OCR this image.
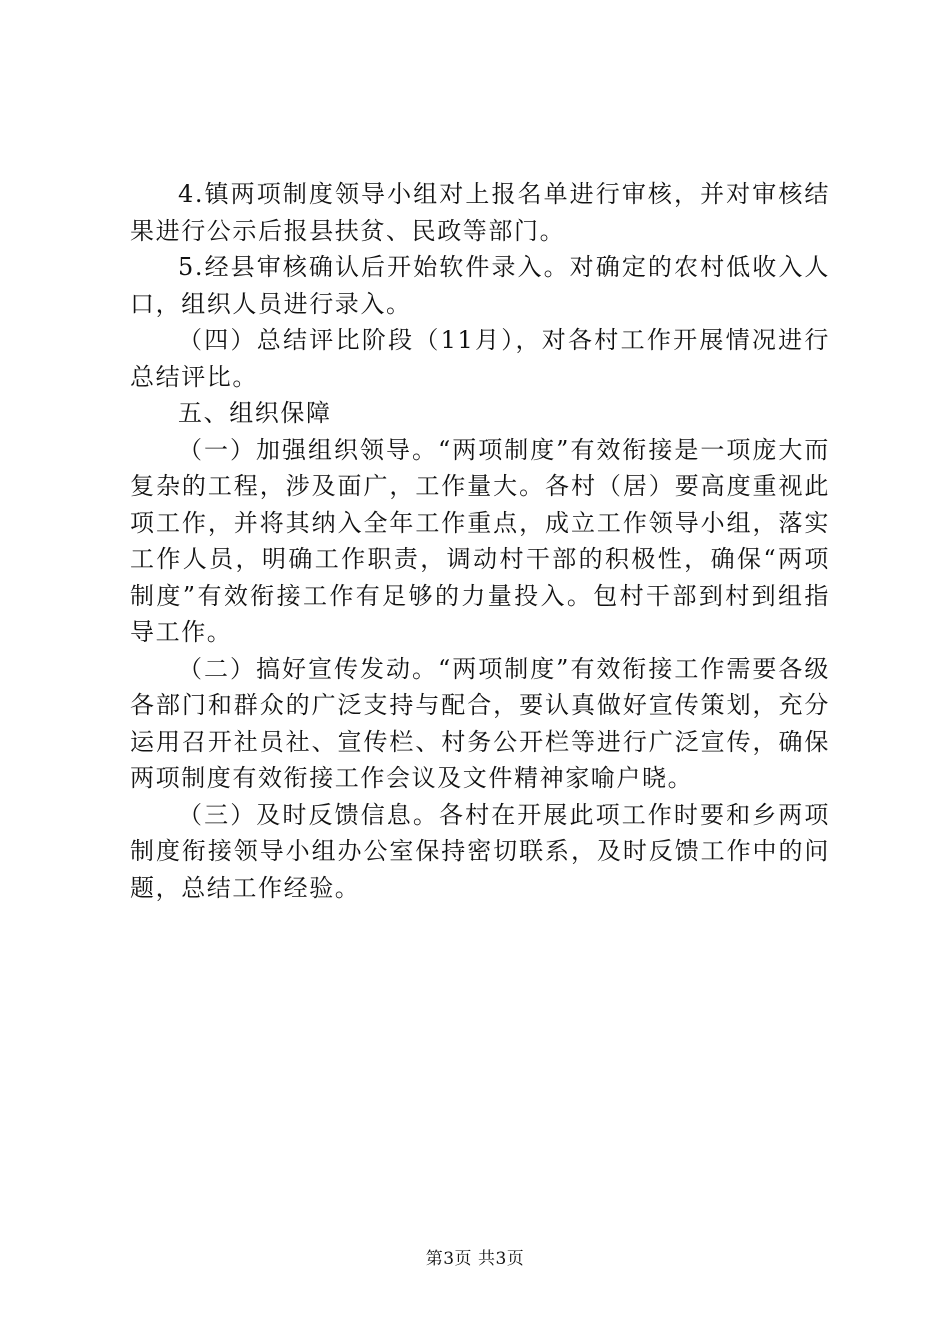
4.镇两项制度领导小组对上报名单进行审核，并对审核结果进行公示后报县扶贫、民政等部门。

5.经县审核确认后开始软件录入。对确定的农村低收入人口，组织人员进行录入。

（四）总结评比阶段（11月），对各村工作开展情况进行总结评比。

五、组织保障

（一）加强组织领导。“两项制度”有效衔接是一项庞大而复杂的工程，涉及面广，工作量大。各村（居）要高度重视此项工作，并将其纳入全年工作重点，成立工作领导小组，落实工作人员，明确工作职责，调动村干部的积极性，确保“两项制度”有效衔接工作有足够的力量投入。包村干部到村到组指导工作。

（二）搞好宣传发动。“两项制度”有效衔接工作需要各级各部门和群众的广泛支持与配合，要认真做好宣传策划，充分运用召开社员社、宣传栏、村务公开栏等进行广泛宣传，确保两项制度有效衔接工作会议及文件精神家喻户晓。

（三）及时反馈信息。各村在开展此项工作时要和乡两项制度衔接领导小组办公室保持密切联系，及时反馈工作中的问题，总结工作经验。

第3页 共3页
